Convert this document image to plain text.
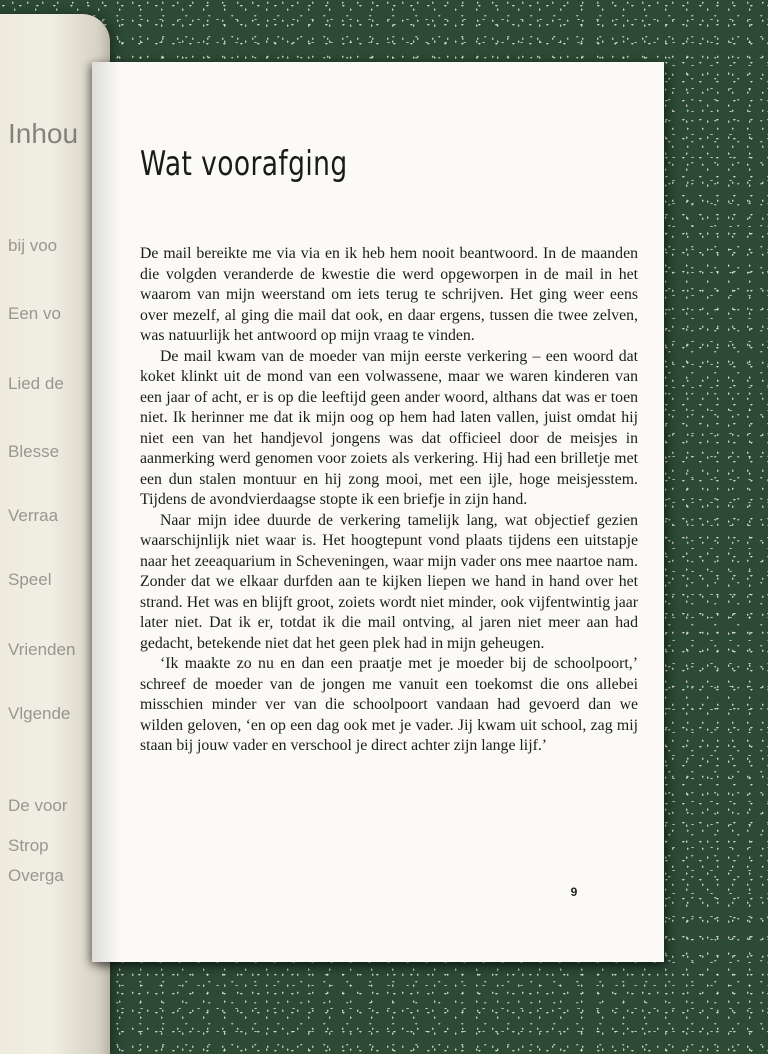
Inhou
bij voo
Een vo
Lied de
Blesse
Verraa
Speel
Vrienden
Vlgende
De voor
Strop
Overga
Wat voorafging

De mail bereikte me via via en ik heb hem nooit beantwoord. In de maanden die volgden veranderde de kwestie die werd opgeworpen in de mail in het waarom van mijn weerstand om iets terug te schrijven. Het ging weer eens over mezelf, al ging die mail dat ook, en daar ergens, tussen die twee zelven, was natuurlijk het antwoord op mijn vraag te vinden.

De mail kwam van de moeder van mijn eerste verkering – een woord dat koket klinkt uit de mond van een volwassene, maar we waren kinderen van een jaar of acht, er is op die leeftijd geen ander woord, althans dat was er toen niet. Ik herinner me dat ik mijn oog op hem had laten vallen, juist omdat hij niet een van het handjevol jongens was dat officieel door de meisjes in aanmerking werd genomen voor zoiets als verkering. Hij had een brilletje met een dun stalen montuur en hij zong mooi, met een ijle, hoge meisjesstem. Tijdens de avondvierdaagse stopte ik een briefje in zijn hand.

Naar mijn idee duurde de verkering tamelijk lang, wat objectief gezien waarschijnlijk niet waar is. Het hoogtepunt vond plaats tijdens een uitstapje naar het zeeaquarium in Scheveningen, waar mijn vader ons mee naartoe nam. Zonder dat we elkaar durfden aan te kijken liepen we hand in hand over het strand. Het was en blijft groot, zoiets wordt niet minder, ook vijfentwintig jaar later niet. Dat ik er, totdat ik die mail ontving, al jaren niet meer aan had gedacht, betekende niet dat het geen plek had in mijn geheugen.

‘Ik maakte zo nu en dan een praatje met je moeder bij de schoolpoort,’ schreef de moeder van de jongen me vanuit een toekomst die ons allebei misschien minder ver van die schoolpoort vandaan had gevoerd dan we wilden geloven, ‘en op een dag ook met je vader. Jij kwam uit school, zag mij staan bij jouw vader en verschool je direct achter zijn lange lijf.’

9
